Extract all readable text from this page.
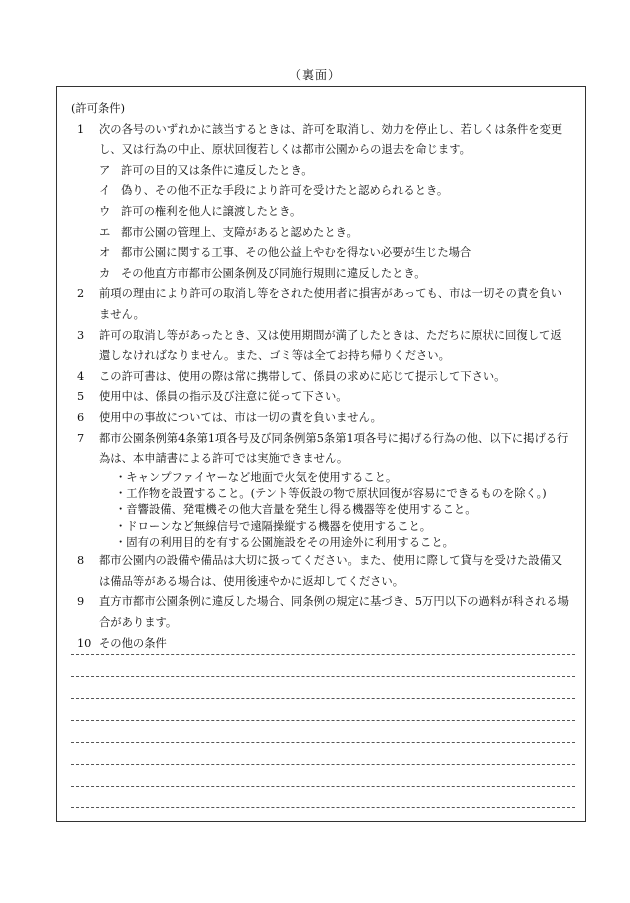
（裏面）
(許可条件)
1 次の各号のいずれかに該当するときは、許可を取消し、効力を停止し、若しくは条件を変更
し、又は行為の中止、原状回復若しくは都市公園からの退去を命じます。
ア 許可の目的又は条件に違反したとき。
イ 偽り、その他不正な手段により許可を受けたと認められるとき。
ウ 許可の権利を他人に譲渡したとき。
エ 都市公園の管理上、支障があると認めたとき。
オ 都市公園に関する工事、その他公益上やむを得ない必要が生じた場合
カ その他直方市都市公園条例及び同施行規則に違反したとき。
2 前項の理由により許可の取消し等をされた使用者に損害があっても、市は一切その責を負い
ません。
3 許可の取消し等があったとき、又は使用期間が満了したときは、ただちに原状に回復して返
還しなければなりません。また、ゴミ等は全てお持ち帰りください。
4 この許可書は、使用の際は常に携帯して、係員の求めに応じて提示して下さい。
5 使用中は、係員の指示及び注意に従って下さい。
6 使用中の事故については、市は一切の責を負いません。
7 都市公園条例第4条第1項各号及び同条例第5条第1項各号に掲げる行為の他、以下に掲げる行
為は、本申請書による許可では実施できません。
・キャンプファイヤーなど地面で火気を使用すること。
・工作物を設置すること。(テント等仮設の物で原状回復が容易にできるものを除く。)
・音響設備、発電機その他大音量を発生し得る機器等を使用すること。
・ドローンなど無線信号で遠隔操縦する機器を使用すること。
・固有の利用目的を有する公園施設をその用途外に利用すること。
8 都市公園内の設備や備品は大切に扱ってください。また、使用に際して貸与を受けた設備又
は備品等がある場合は、使用後速やかに返却してください。
9 直方市都市公園条例に違反した場合、同条例の規定に基づき、5万円以下の過料が科される場
合があります。
10 その他の条件
